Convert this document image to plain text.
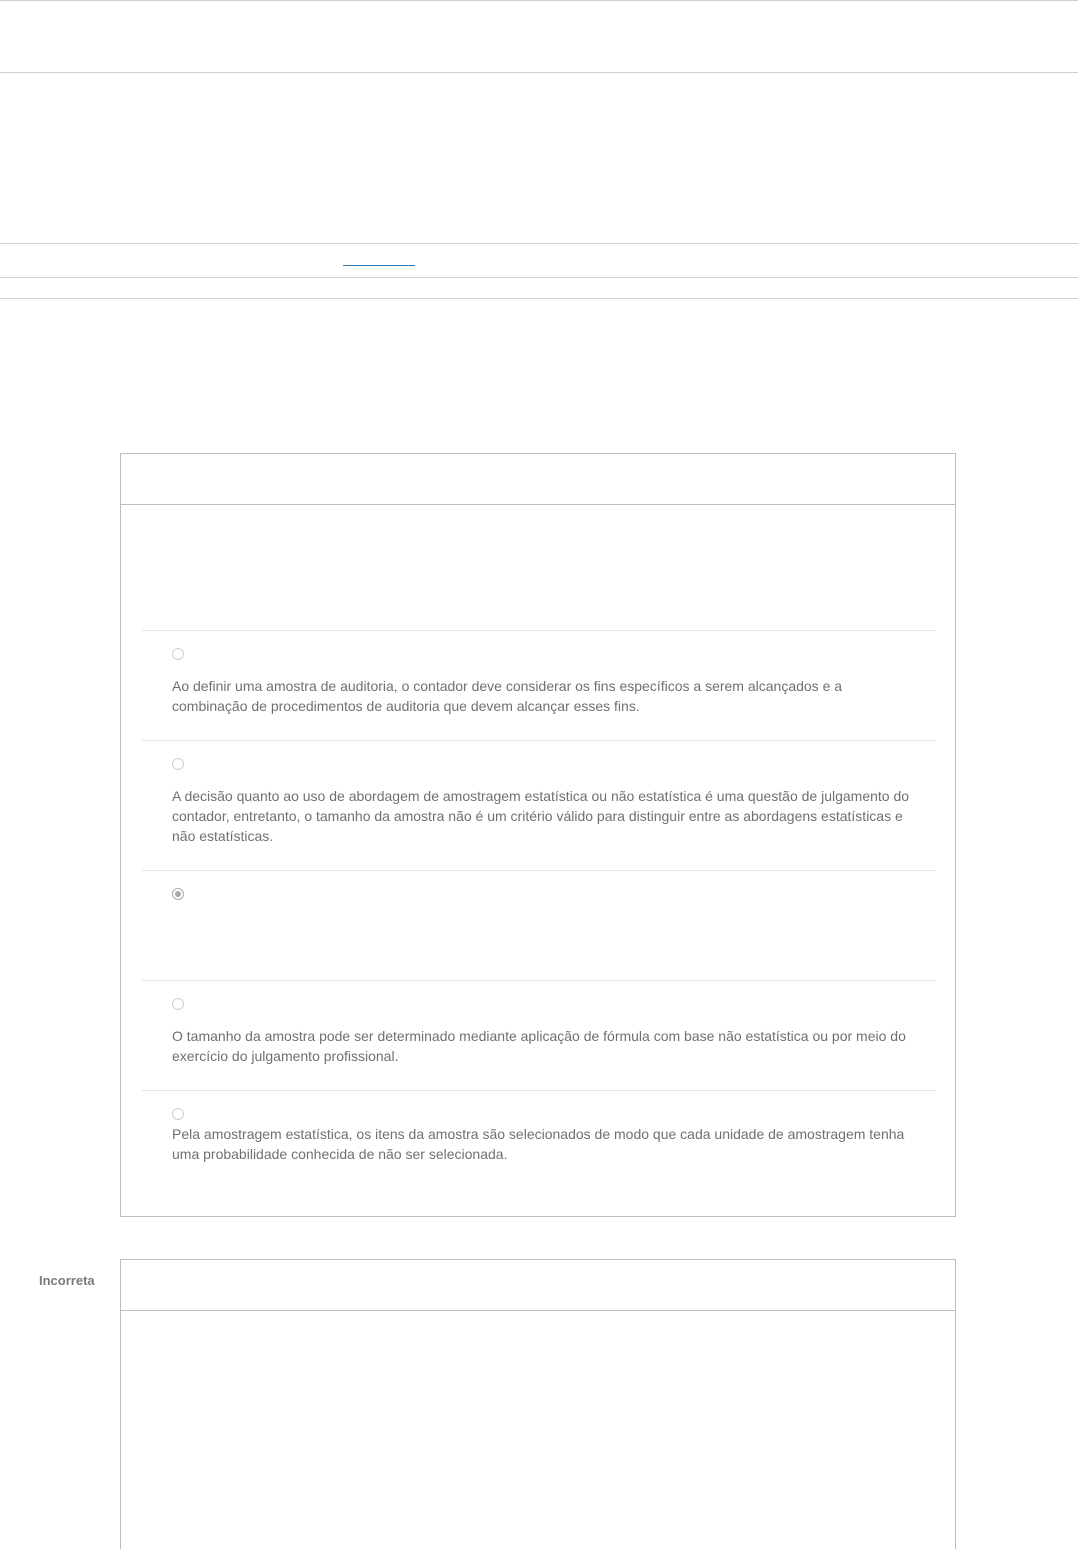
Ao definir uma amostra de auditoria, o contador deve considerar os fins específicos a serem alcançados e a combinação de procedimentos de auditoria que devem alcançar esses fins.
A decisão quanto ao uso de abordagem de amostragem estatística ou não estatística é uma questão de julgamento do contador, entretanto, o tamanho da amostra não é um critério válido para distinguir entre as abordagens estatísticas e não estatísticas.
O tamanho da amostra pode ser determinado mediante aplicação de fórmula com base não estatística ou por meio do exercício do julgamento profissional.
Pela amostragem estatística, os itens da amostra são selecionados de modo que cada unidade de amostragem tenha uma probabilidade conhecida de não ser selecionada.
Incorreta
